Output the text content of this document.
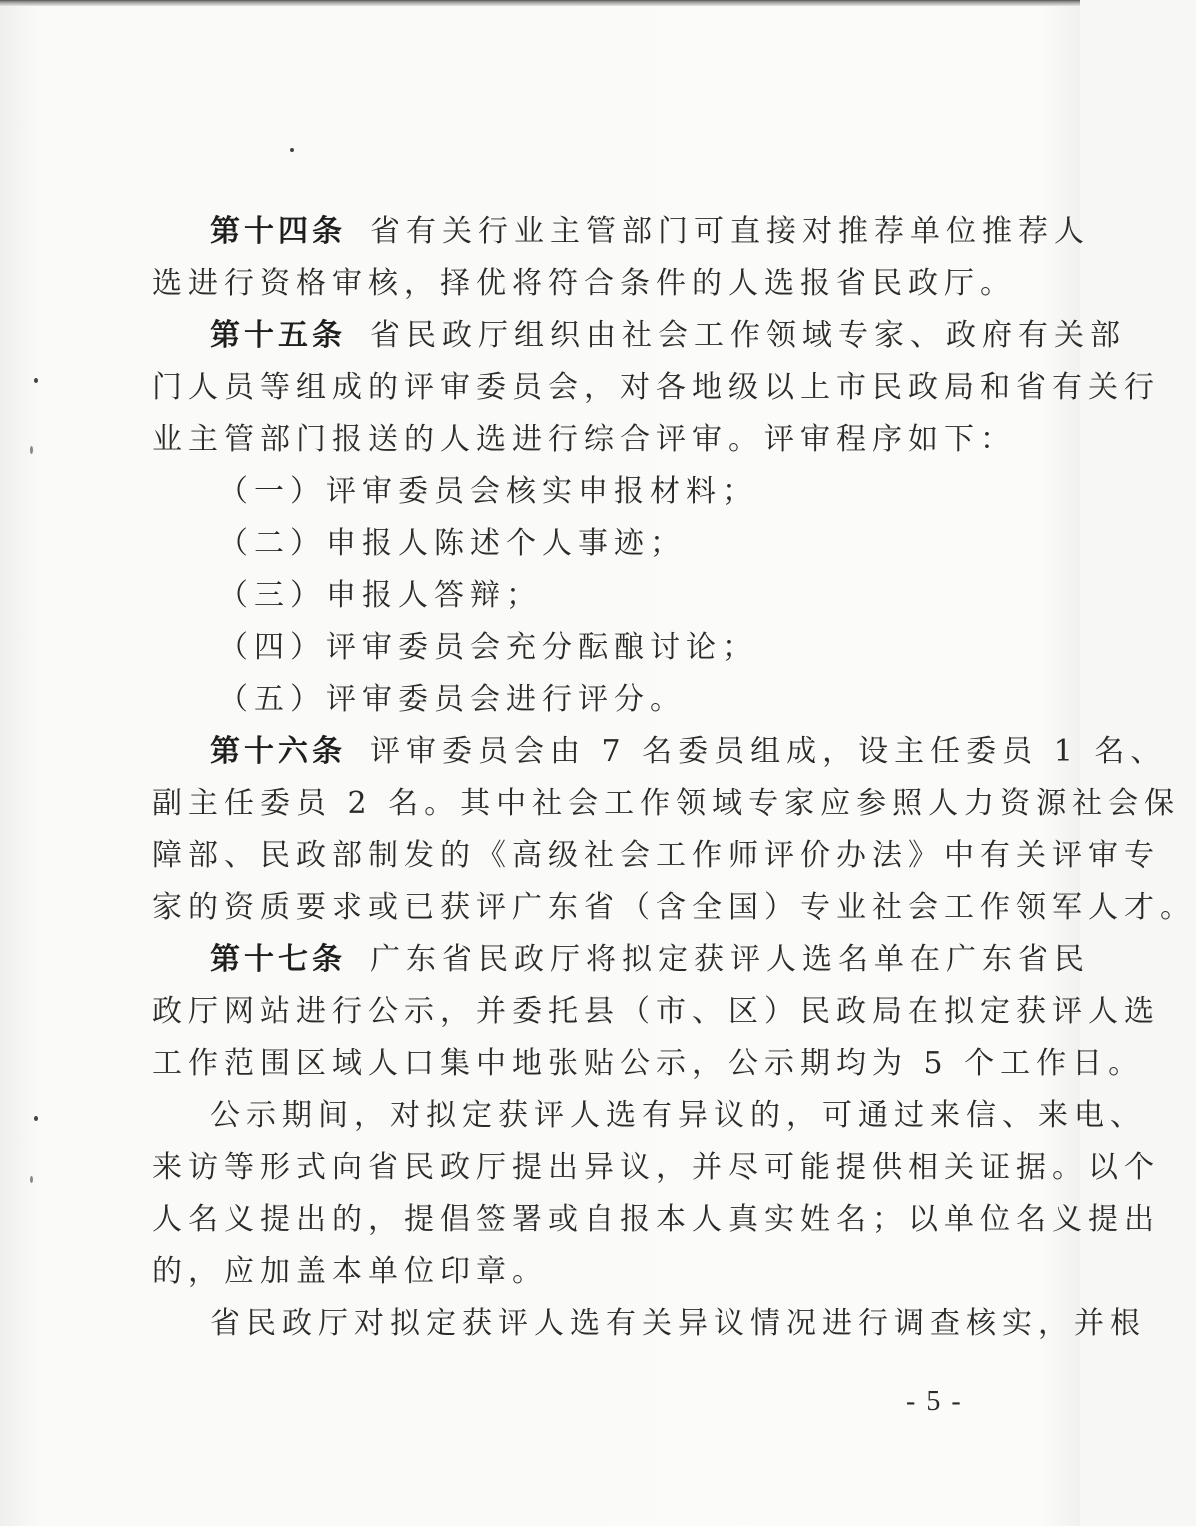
第十四条 省有关行业主管部门可直接对推荐单位推荐人
选进行资格审核，择优将符合条件的人选报省民政厅。
第十五条 省民政厅组织由社会工作领域专家、政府有关部
门人员等组成的评审委员会，对各地级以上市民政局和省有关行
业主管部门报送的人选进行综合评审。评审程序如下：
（一）评审委员会核实申报材料；
（二）申报人陈述个人事迹；
（三）申报人答辩；
（四）评审委员会充分酝酿讨论；
（五）评审委员会进行评分。
第十六条 评审委员会由 7 名委员组成，设主任委员 1 名、
副主任委员 2 名。其中社会工作领域专家应参照人力资源社会保
障部、民政部制发的《高级社会工作师评价办法》中有关评审专
家的资质要求或已获评广东省（含全国）专业社会工作领军人才。
第十七条 广东省民政厅将拟定获评人选名单在广东省民
政厅网站进行公示，并委托县（市、区）民政局在拟定获评人选
工作范围区域人口集中地张贴公示，公示期均为 5 个工作日。
公示期间，对拟定获评人选有异议的，可通过来信、来电、
来访等形式向省民政厅提出异议，并尽可能提供相关证据。以个
人名义提出的，提倡签署或自报本人真实姓名；以单位名义提出
的，应加盖本单位印章。
省民政厅对拟定获评人选有关异议情况进行调查核实，并根
- 5 -
